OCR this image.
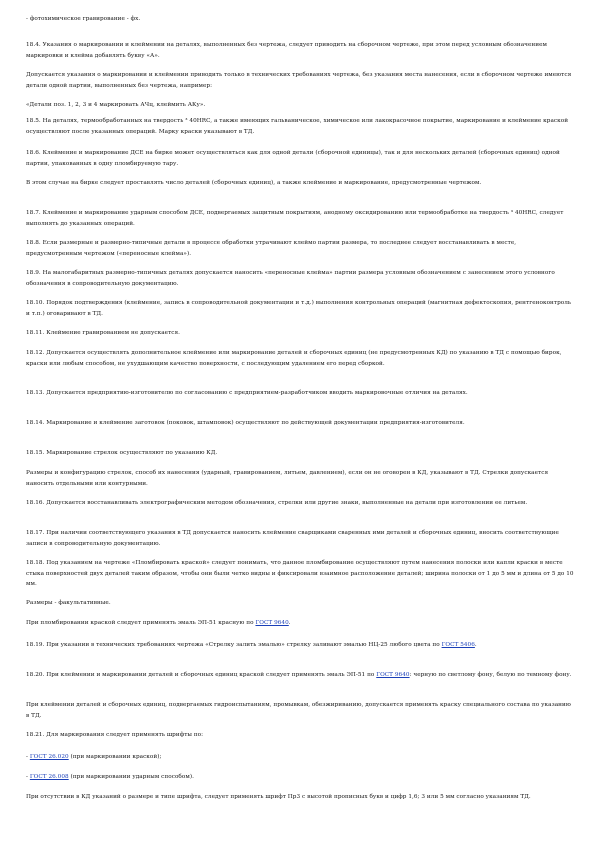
- фотохимическое гравирование - фх.

18.4. Указания о маркировании и клеймении на деталях, выполненных без чертежа, следует приводить на сборочном чертеже, при этом перед условным обозначением маркировки и клейма добавлять букву «А».

Допускается указания о маркировании и клеймении приводить только в технических требованиях чертежа, без указания места нанесения, если в сборочном чертеже имеются детали одной партии, выполненных без чертежа, например:

«Детали поз. 1, 2, 3 и 4 маркировать АЧц, клеймить АКу».

18.5. На деталях, термообработанных на твердость ³ 40HRC, а также имеющих гальваническое, химическое или лакокрасочное покрытие, маркирование и клеймение краской осуществляют после указанных операций. Марку краски указывают в ТД.

18.6. Клеймение и маркирование ДСЕ на бирке может осуществляться как для одной детали (сборочной единицы), так и для нескольких деталей (сборочных единиц) одной партии, упакованных в одну пломбируемую тару.

В этом случае на бирке следует проставлять число деталей (сборочных единиц), а также клеймение и маркирование, предусмотренные чертежом.

18.7. Клеймение и маркирование ударным способом ДСЕ, подвергаемых защитным покрытиям, анодному оксидированию или термообработке на твердость ³ 40HRC, следует выполнять до указанных операций.

18.8. Если размерные и размерно-типичные детали в процессе обработки утрачивают клеймо партии размера, то последнее следует восстанавливать в месте, предусмотренным чертежом («переносные клейма»).

18.9. На малогабаритных размерно-типичных деталях допускается наносить «переносные клейма» партии размера условным обозначением с занесением этого условного обозначения в сопроводительную документацию.

18.10. Порядок подтверждения (клеймение, запись в сопроводительной документации и т.д.) выполнения контрольных операций (магнитная дефектоскопия, рентгеноконтроль и т.п.) оговаривают в ТД.

18.11. Клеймение гравированием не допускается.

18.12. Допускается осуществлять дополнительное клеймение или маркирование деталей и сборочных единиц (не предусмотренных КД) по указанию в ТД с помощью бирок, краски или любым способом, не ухудшающим качество поверхности, с последующим удалением его перед сборкой.

18.13. Допускается предприятию-изготовителю по согласованию с предприятием-разработчиком вводить маркировочные отличия на деталях.

18.14. Маркирование и клеймение заготовок (поковок, штамповок) осуществляют по действующей документации предприятия-изготовителя.

18.15. Маркирование стрелок осуществляют по указанию КД.

Размеры и конфигурацию стрелок, способ их нанесения (ударный, гравированием, литьем, давлением), если он не оговорен в КД, указывают в ТД. Стрелки допускается наносить отдельными или контурными.

18.16. Допускается восстанавливать электрографическим методом обозначения, стрелки или другие знаки, выполненные на детали при изготовлении ее литьем.

18.17. При наличии соответствующего указания в ТД допускается наносить клеймение сварщиками сваренных ими деталей и сборочных единиц, вносить соответствующие записи в сопроводительную документацию.

18.18. Под указанием на чертеже «Пломбировать краской» следует понимать, что данное пломбирование осуществляют путем нанесения полоски или капли краски в месте стыка поверхностей двух деталей таким образом, чтобы они были четко видны и фиксировали взаимное расположение деталей; ширина полоски от 1 до 5 мм и длина от 5 до 10 мм.

Размеры - факультативные.

При пломбировании краской следует применять эмаль ЭП-51 красную по ГОСТ 9640.

18.19. При указании в технических требованиях чертежа «Стрелку залить эмалью» стрелку заливают эмалью НЦ-25 любого цвета по ГОСТ 5406.

18.20. При клеймении и маркировании деталей и сборочных единиц краской следует применять эмаль ЭП-51 по ГОСТ 9640: черную по светлому фону, белую по темному фону.

При клеймении деталей и сборочных единиц, подвергаемых гидроиспытаниям, промывкам, обезжириванию, допускается применять краску специального состава по указанию в ТД.

18.21. Для маркирования следует применять шрифты по:

- ГОСТ 26.020 (при маркировании краской);

- ГОСТ 26.008 (при маркировании ударным способом).

При отсутствии в КД указаний о размере и типе шрифта, следует применять шрифт Пр3 с высотой прописных букв и цифр 1,6; 3 или 5 мм согласно указаниям ТД.
